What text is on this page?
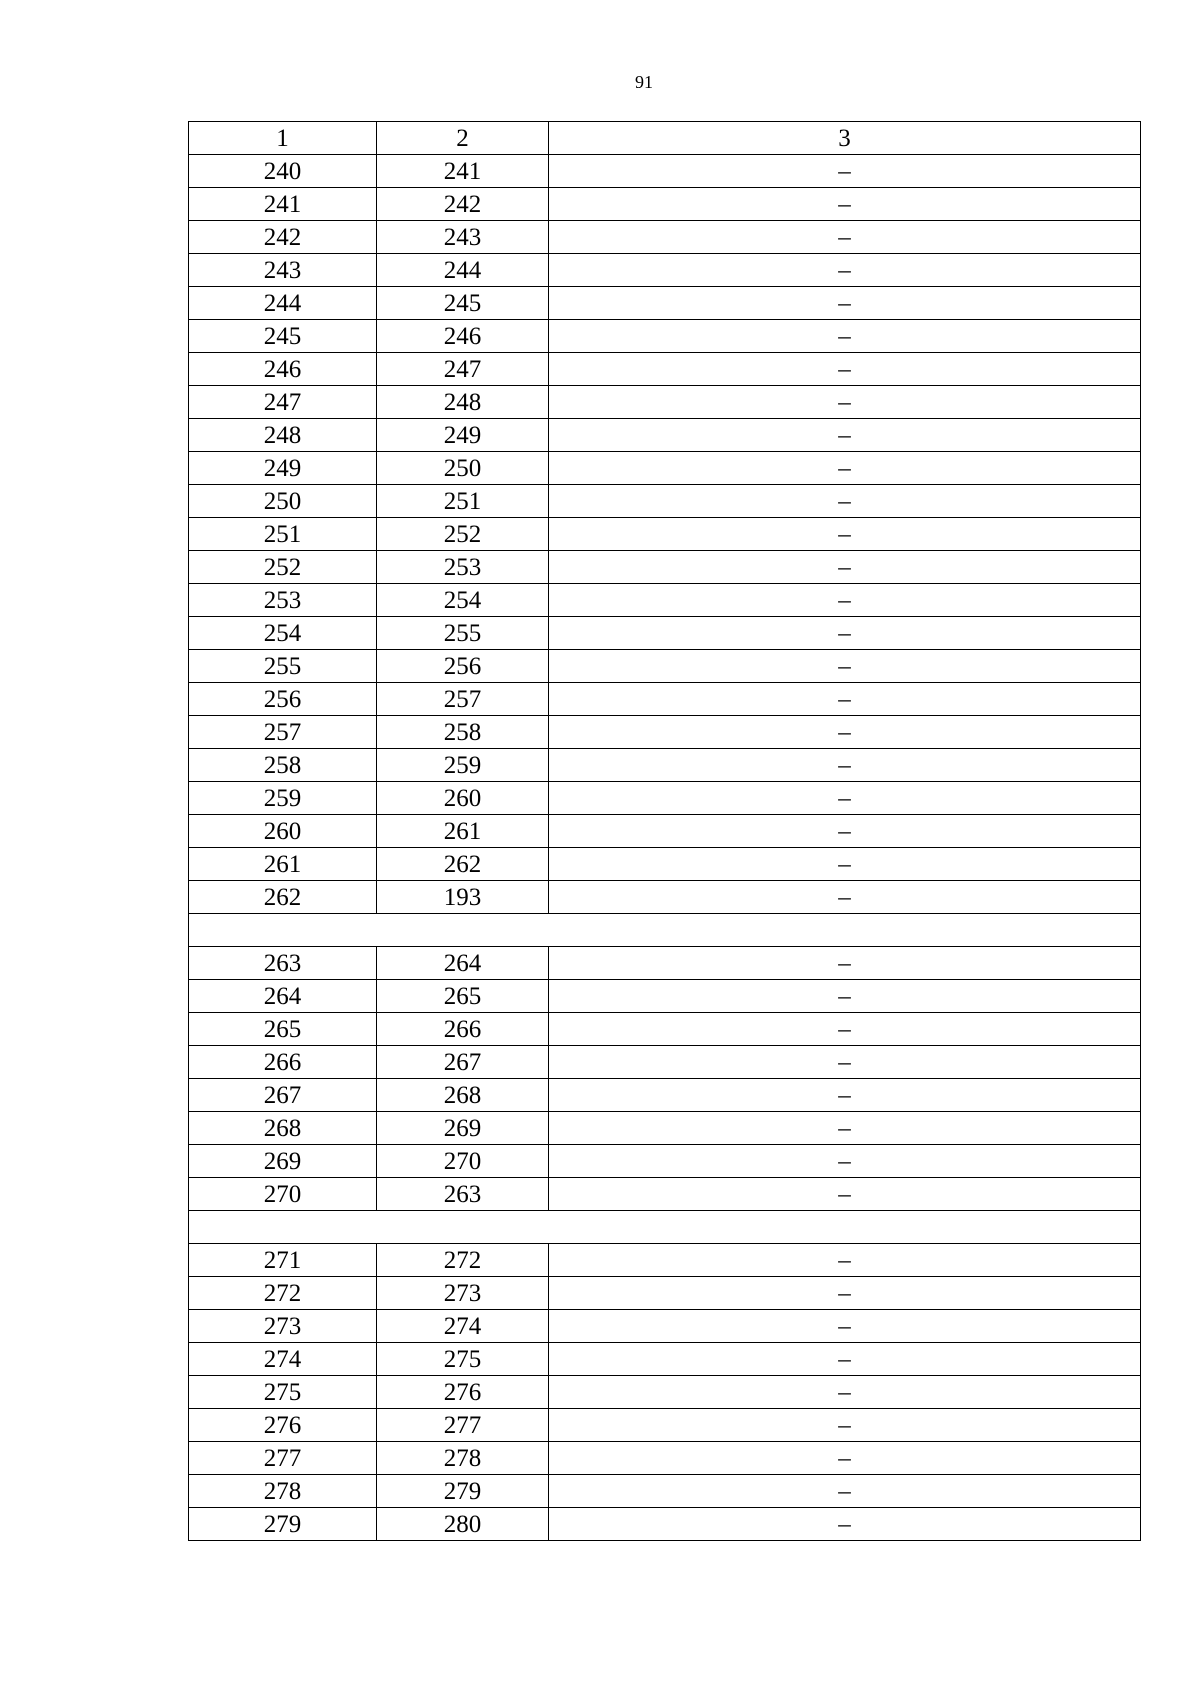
91
1	2	3
240	241	–
241	242	–
242	243	–
243	244	–
244	245	–
245	246	–
246	247	–
247	248	–
248	249	–
249	250	–
250	251	–
251	252	–
252	253	–
253	254	–
254	255	–
255	256	–
256	257	–
257	258	–
258	259	–
259	260	–
260	261	–
261	262	–
262	193	–

263	264	–
264	265	–
265	266	–
266	267	–
267	268	–
268	269	–
269	270	–
270	263	–

271	272	–
272	273	–
273	274	–
274	275	–
275	276	–
276	277	–
277	278	–
278	279	–
279	280	–
